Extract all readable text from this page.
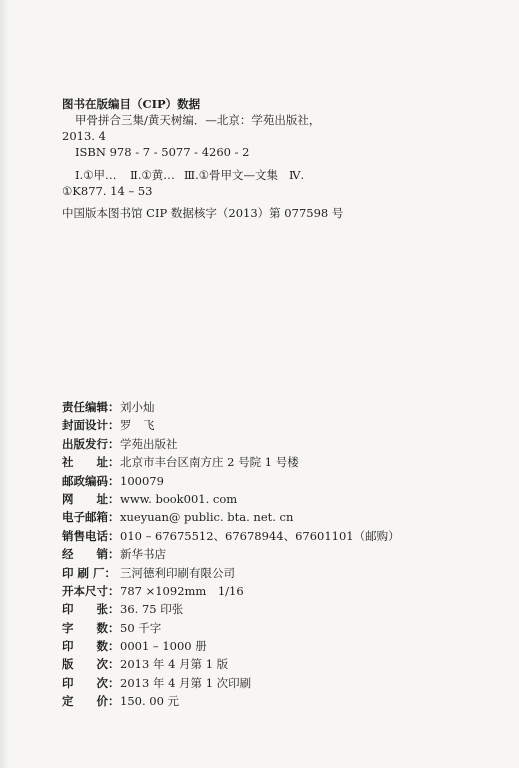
图书在版编目（CIP）数据
甲骨拼合三集/黄天树编．—北京：学苑出版社，
2013. 4
ISBN 978 - 7 - 5077 - 4260 - 2
Ⅰ.①甲… Ⅱ.①黄… Ⅲ.①骨甲文—文集 Ⅳ.
①K877. 14 – 53
中国版本图书馆 CIP 数据核字（2013）第 077598 号
责任编辑： 刘小灿
封面设计： 罗　飞
出版发行： 学苑出版社
社　　址： 北京市丰台区南方庄 2 号院 1 号楼
邮政编码： 100079
网　　址： www. book001. com
电子邮箱： xueyuan@ public. bta. net. cn
销售电话： 010 – 67675512、67678944、67601101（邮购）
经　　销： 新华书店
印 刷 厂： 三河德利印刷有限公司
开本尺寸： 787 ×1092mm　1/16
印　　张： 36. 75 印张
字　　数： 50 千字
印　　数： 0001 – 1000 册
版　　次： 2013 年 4 月第 1 版
印　　次： 2013 年 4 月第 1 次印刷
定　　价： 150. 00 元
